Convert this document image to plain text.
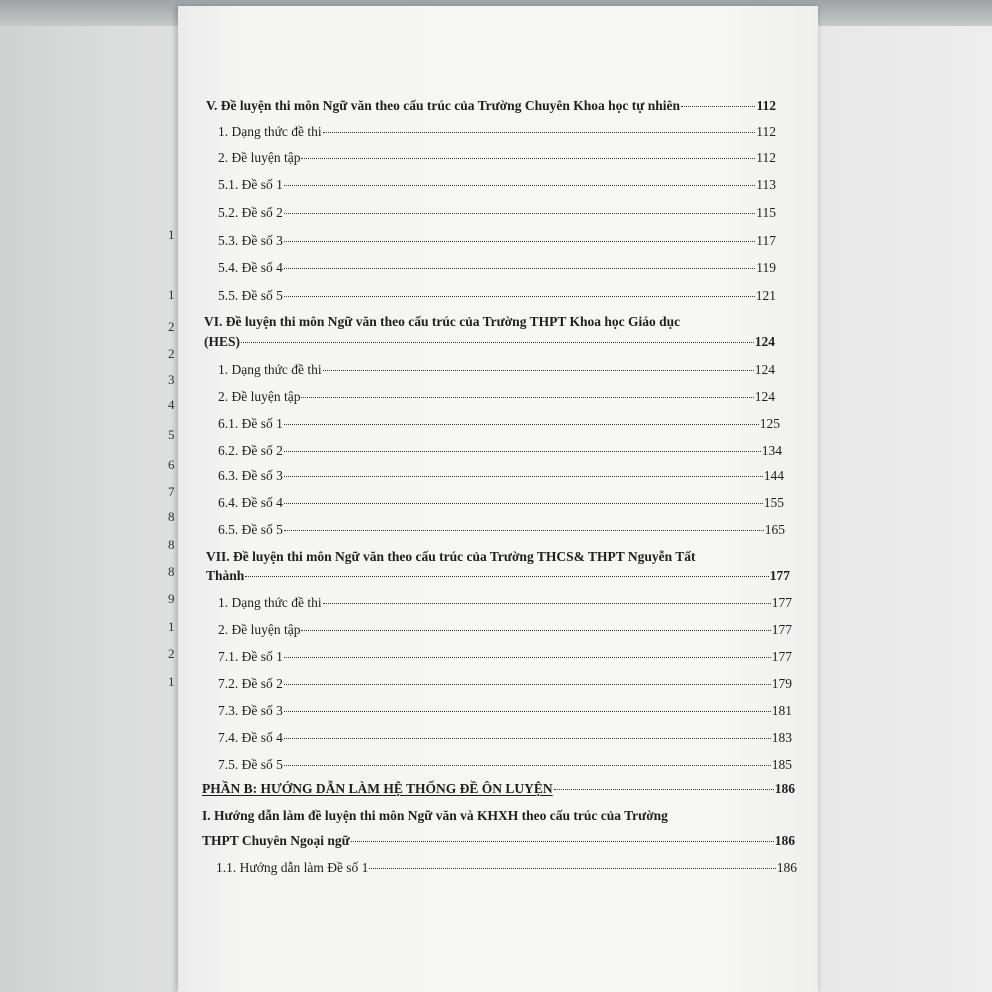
1
1
2
2
3
4
5
6
7
8
8
8
9
1
2
1
V. Đề luyện thi môn Ngữ văn theo cấu trúc của Trường Chuyên Khoa học tự nhiên	112
1. Dạng thức đề thi	112
2. Đề luyện tập	112
5.1. Đề số 1	113
5.2. Đề số 2	115
5.3. Đề số 3	117
5.4. Đề số 4	119
5.5. Đề số 5	121
VI. Đề luyện thi môn Ngữ văn theo cấu trúc của Trường THPT Khoa học Giáo dục
(HES)	124
1. Dạng thức đề thi	124
2. Đề luyện tập	124
6.1. Đề số 1	125
6.2. Đề số 2	134
6.3. Đề số 3	144
6.4. Đề số 4	155
6.5. Đề số 5	165
VII. Đề luyện thi môn Ngữ văn theo cấu trúc của Trường THCS& THPT Nguyễn Tất
Thành	177
1. Dạng thức đề thi	177
2. Đề luyện tập	177
7.1. Đề số 1	177
7.2. Đề số 2	179
7.3. Đề số 3	181
7.4. Đề số 4	183
7.5. Đề số 5	185
PHẦN B: HƯỚNG DẪN LÀM HỆ THỐNG ĐỀ ÔN LUYỆN	186
I. Hướng dẫn làm đề luyện thi môn Ngữ văn và KHXH theo cấu trúc của Trường
THPT Chuyên Ngoại ngữ	186
1.1. Hướng dẫn làm Đề số 1	186
